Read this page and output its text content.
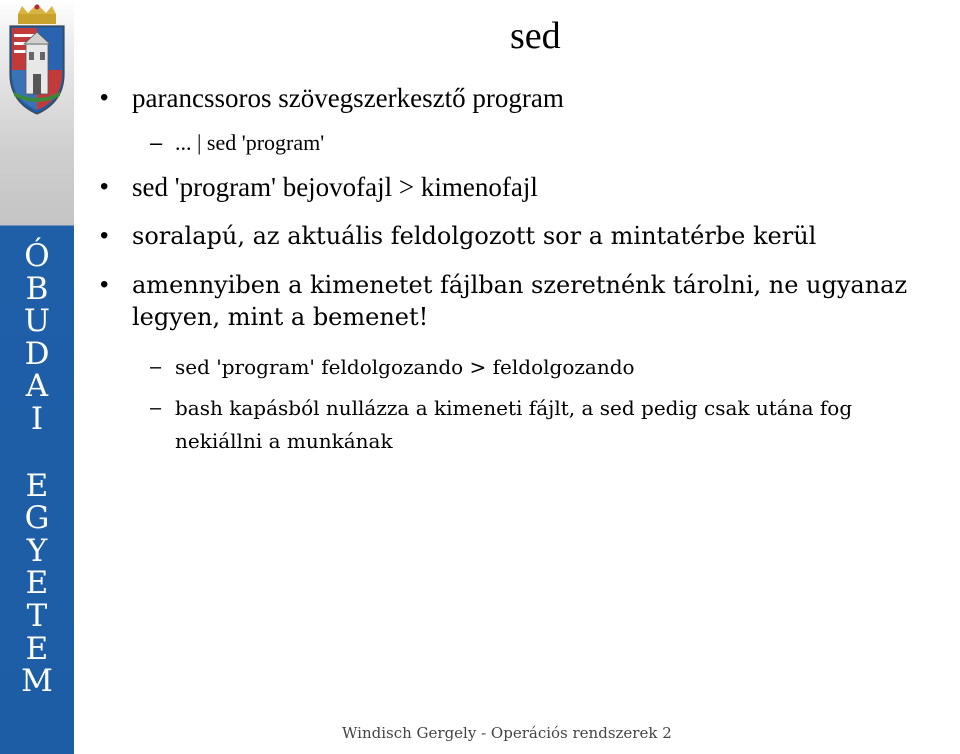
Ó
B
U
D
A
I
E
G
Y
E
T
E
M
sed
• parancssoros szövegszerkesztő program
– ... | sed 'program'
• sed 'program' bejovofajl > kimenofajl
• soralapú, az aktuális feldolgozott sor a mintatérbe kerül
• amennyiben a kimenetet fájlban szeretnénk tárolni, ne ugyanaz legyen, mint a bemenet!
– sed 'program' feldolgozando > feldolgozando
– bash kapásból nullázza a kimeneti fájlt, a sed pedig csak utána fog nekiállni a munkának
Windisch Gergely - Operációs rendszerek 2
